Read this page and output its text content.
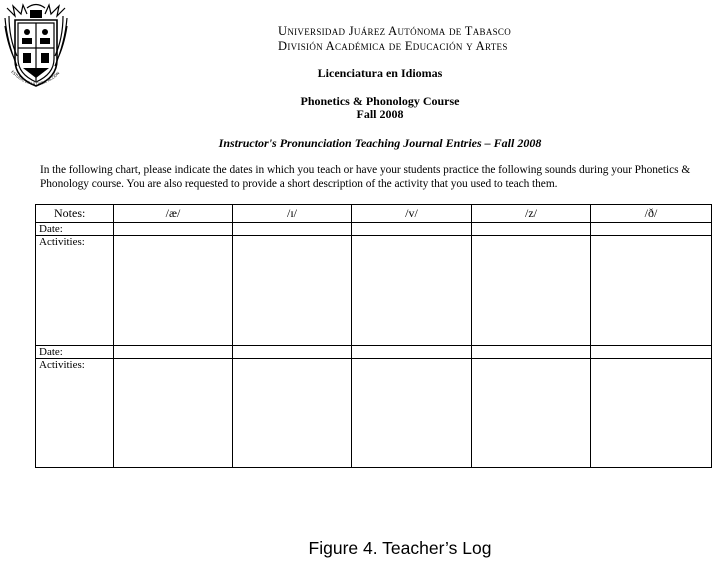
ESTUDIO EN LA DUDA. ACCIÓN
Universidad Juárez Autónoma de Tabasco
División Académica de Educación y Artes
Licenciatura en Idiomas
Phonetics & Phonology Course
Fall 2008
Instructor's Pronunciation Teaching Journal Entries – Fall 2008
In the following chart, please indicate the dates in which you teach or have your students practice the following sounds during your Phonetics & Phonology course. You are also requested to provide a short description of the activity that you used to teach them.
Notes:	/æ/	/ɪ/	/v/	/z/	/ð/
Date:					
Activities:					
Date:					
Activities:					
Figure 4. Teacher’s Log
